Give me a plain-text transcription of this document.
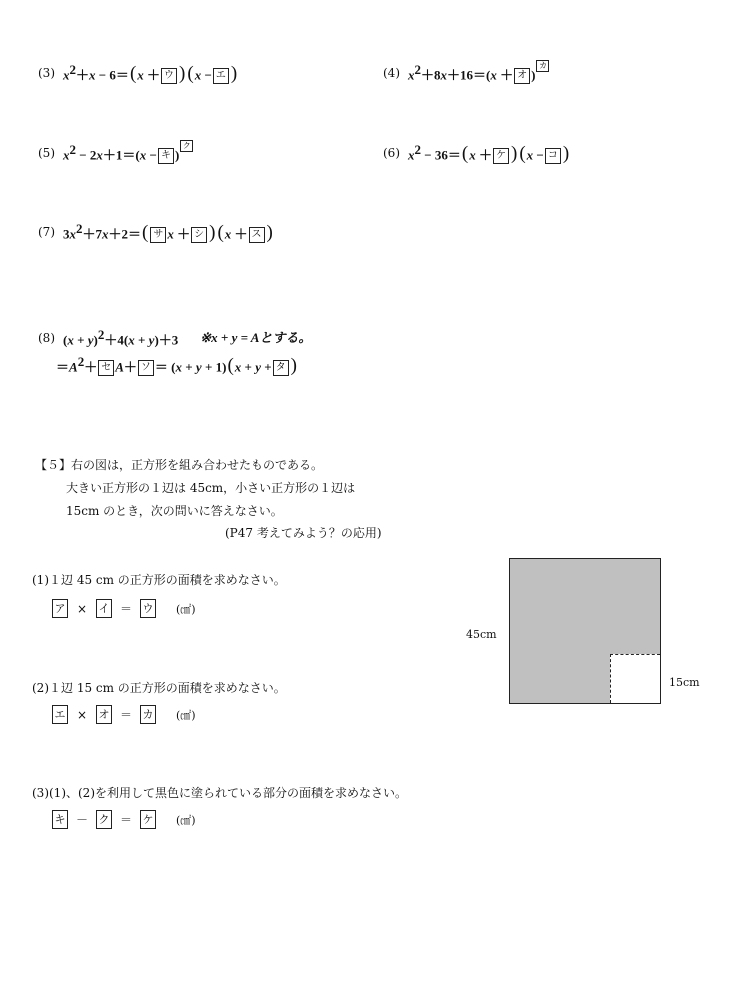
(3) $x^2+x - 6=(x$ ＋ ウ ) (x − エ )	(4) $x^2+8x+16=(x$ ＋ オ )カ
(5) $x^2 - 2x+1=(x$ − キ )ク
(6) $x^2 - 36=(x$ ＋ ケ ) (x − コ )
(7) $3x^2+7x+2=$( サ x ＋ シ ) (x ＋ ス )
(8) $(x + y)^2+4(x + y)+3$ ※x + y = Aとする。
$=A^2+$ セ A＋ ソ ＝ (x + y + 1)(x + y + タ )
【５】右の図は，正方形を組み合わせたものである。
大きい正方形の１辺は 45cm，小さい正方形の１辺は
15cm のとき，次の問いに答えなさい。
(P47 考えてみよう？の応用)
(1)１辺 45 cm の正方形の面積を求めなさい。
ア ×	イ ＝ ウ (㎠)
(2)１辺 15 cm の正方形の面積を求めなさい。
エ ×	オ ＝ カ (㎠)
(3)(1)、(2)を利用して黒色に塗られている部分の面積を求めなさい。
キ － ク ＝ ケ (㎠)
45cm
15cm
